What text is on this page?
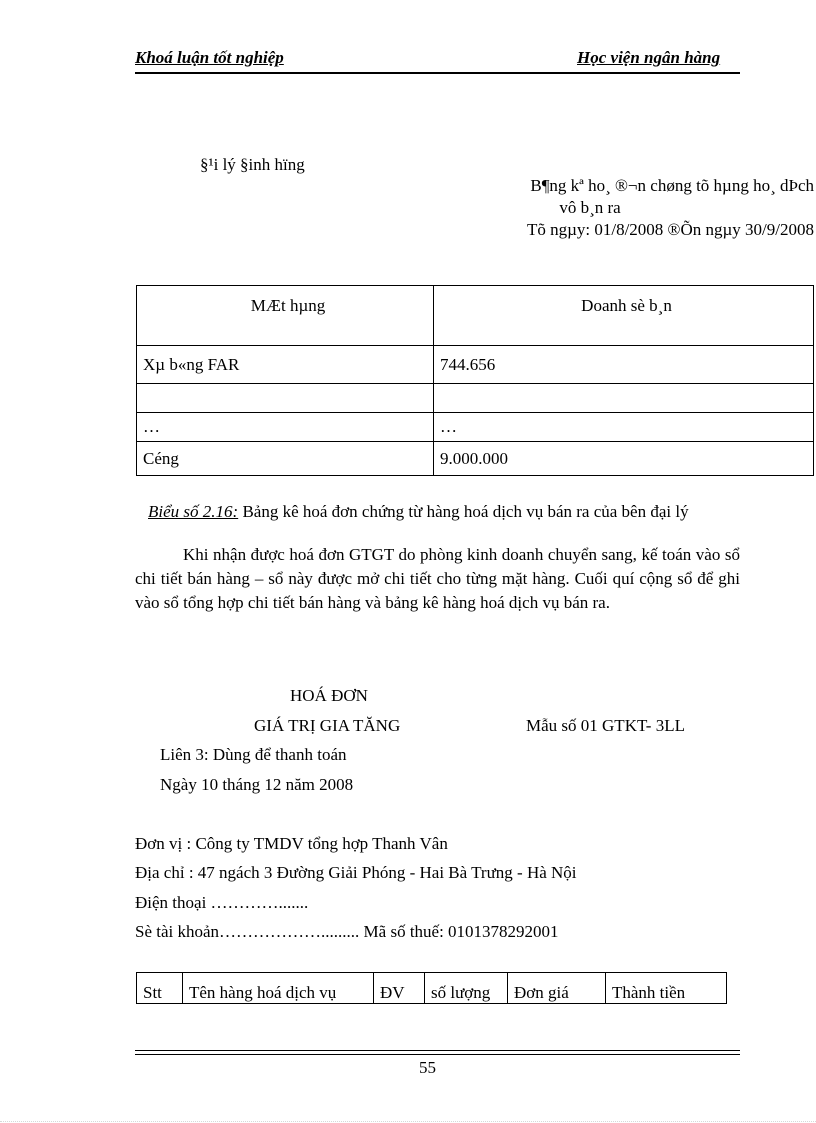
Khoá luận tốt nghiệp	Học viện ngân hàng
§¹i lý §inh hïng
B¶ng kª ho¸ ®¬n chøng tõ hµng ho¸ dÞch
vô b¸n ra
Tõ ngµy: 01/8/2008 ®Õn ngµy 30/9/2008
MÆt hµng	Doanh sè b¸n
Xµ b«ng FAR	744.656

…	…
Céng	9.000.000
Biểu số 2.16: Bảng kê hoá đơn chứng từ hàng hoá dịch vụ bán ra của bên đại lý

Khi nhận được hoá đơn GTGT do phòng kinh doanh chuyển sang, kế toán vào sổ chi tiết bán hàng – sổ này được mở chi tiết cho từng mặt hàng. Cuối quí cộng sổ để ghi vào sổ tổng hợp chi tiết bán hàng và bảng kê hàng hoá dịch vụ bán ra.

HOÁ ĐƠN
GIÁ TRỊ GIA TĂNG	Mẫu số 01 GTKT- 3LL
Liên 3: Dùng để thanh toán
Ngày 10 tháng 12 năm 2008
Đơn vị : Công ty TMDV tổng hợp Thanh Vân
Địa chỉ : 47 ngách 3 Đường Giải Phóng - Hai Bà Trưng - Hà Nội
Điện thoại ………….......
Sè tài khoản………………......... Mã số thuế: 0101378292001
Stt	Tên hàng hoá dịch vụ	ĐV	số lượng	Đơn giá	Thành tiền
55
